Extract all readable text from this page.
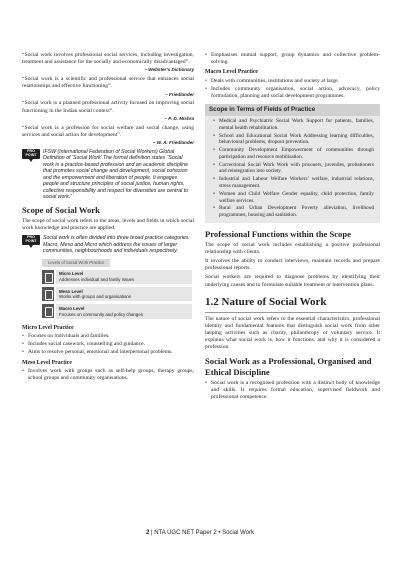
“Social work involves professional social services, including investigation, treatment and assistance for the socially and economically disadvantaged”.

– Webster’s Dictionary

“Social work is a scientific and professional service that enhances social relationships and effective functioning”.

– Friedlander

“Social work is a planned professional activity focused on improving social functioning in the Indian social context”.

– P. D. Mishra

“Social work is a profession for social welfare and social change, using services and social action for development”.

– W. A. Friedlander
PRO POINT	IFSW (International Federation of Social Workers) Global Definition of ‘Social Work’ The formal definition states “Social work is a practice-based profession and an academic discipline that promotes social change and development, social cohesion and the empowerment and liberation of people. It engages people and structure principles of social justice, human rights, collective responsibility and respect for diversities are central to social work.”
Scope of Social Work

The scope of social work refers to the areas, levels and fields in which social work knowledge and practice are applied.

PRO POINT	Social work is often divided into three broad practice categories: Macro, Meso and Micro which address the issues of larger communities, neighbourhoods and individuals respectively.
Levels of Social Work Practice
Micro Level
Addresses individual and family issues
Meso Level
Works with groups and organisations
Macro Level
Focuses on community and policy changes
Micro Level Practice
• Focuses on individuals and families.
• Includes social casework, counselling and guidance.
• Aims to resolve personal, emotional and interpersonal problems.
Meso Level Practice
• Involves work with groups such as self-help groups, therapy groups, school groups and community organisations.
• Emphasises mutual support, group dynamics and collective problem-solving.
Macro Level Practice
• Deals with communities, institutions and society at large.
• Includes community organisation, social action, advocacy, policy formulation, planning and social development programmes.
Scope in Terms of Fields of Practice
• Medical and Psychiatric Social Work Support for patients, families, mental health rehabilitation.
• School and Educational Social Work Addressing learning difficulties, behavioural problems, dropout prevention.
• Community Development Empowerment of communities through participation and resource mobilisation.
• Correctional Social Work Work with prisoners, juveniles, probationers and reintegration into society.
• Industrial and Labour Welfare Workers’ welfare, industrial relations, stress management.
• Women and Child Welfare Gender equality, child protection, family welfare services.
• Rural and Urban Development Poverty alleviation, livelihood programmes, housing and sanitation.
Professional Functions within the Scope

The scope of social work includes establishing a positive professional relationship with clients.

It involves the ability to conduct interviews, maintain records and prepare professional reports.

Social workers are required to diagnose problems by identifying their underlying causes and to formulate suitable treatment or intervention plans.

1.2 Nature of Social Work

The nature of social work refers to the essential characteristics, professional identity and fundamental features that distinguish social work from other helping activities such as charity, philanthropy or voluntary service. It explains what social work is, how it functions, and why it is considered a profession.

Social Work as a Professional, Organised and Ethical Discipline
• Social work is a recognised profession with a distinct body of knowledge and skills. It requires formal education, supervised fieldwork and professional competence.
2 | NTA UGC NET Paper 2 • Social Work
